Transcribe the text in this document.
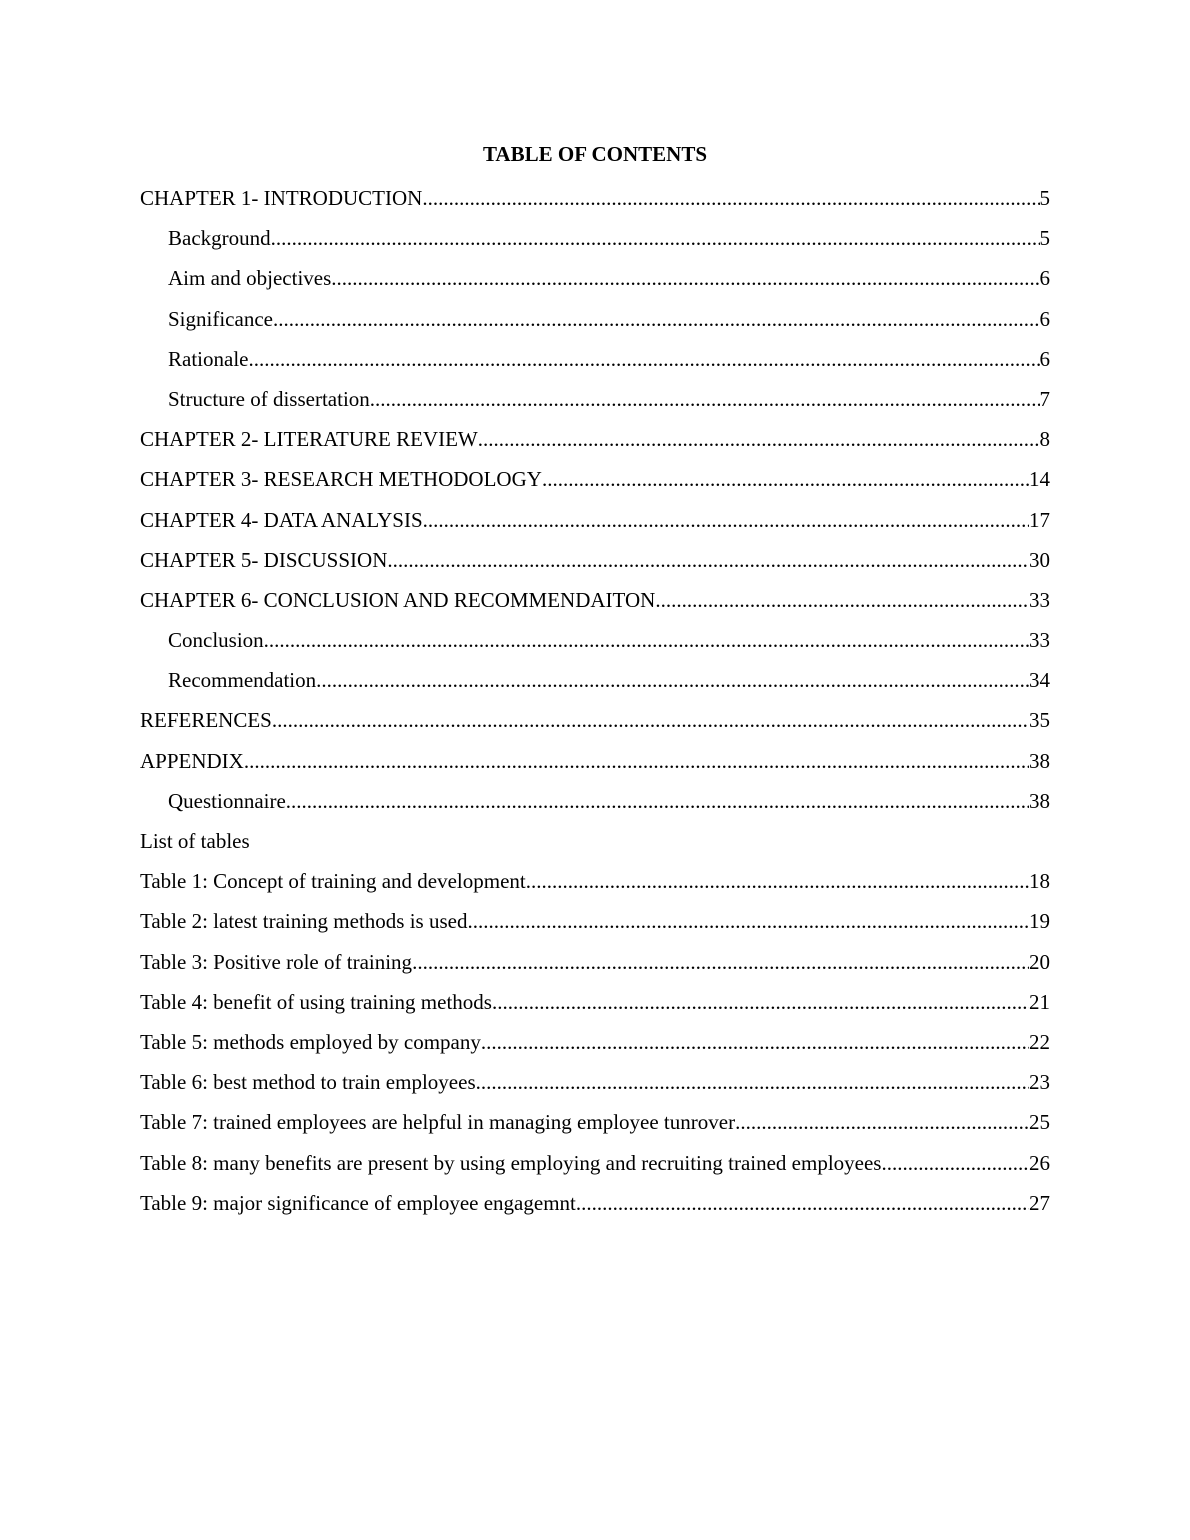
TABLE OF CONTENTS
CHAPTER 1- INTRODUCTION .....	5
Background .....	5
Aim and objectives .....	6
Significance .....	6
Rationale .....	6
Structure of dissertation .....	7
CHAPTER 2- LITERATURE REVIEW .....	8
CHAPTER 3- RESEARCH METHODOLOGY .....	14
CHAPTER 4- DATA ANALYSIS .....	17
CHAPTER 5- DISCUSSION .....	30
CHAPTER 6- CONCLUSION AND RECOMMENDAITON .....	33
Conclusion .....	33
Recommendation .....	34
REFERENCES .....	35
APPENDIX .....	38
Questionnaire .....	38
List of tables
Table 1: Concept of training and development .....	18
Table 2: latest training methods is used .....	19
Table 3: Positive role of training .....	20
Table 4: benefit of using training methods .....	21
Table 5: methods employed by company .....	22
Table 6: best method to train employees .....	23
Table 7: trained employees are helpful in managing employee tunrover .....	25
Table 8: many benefits are present by using employing and recruiting trained employees .....	26
Table 9: major significance of employee engagemnt .....	27
